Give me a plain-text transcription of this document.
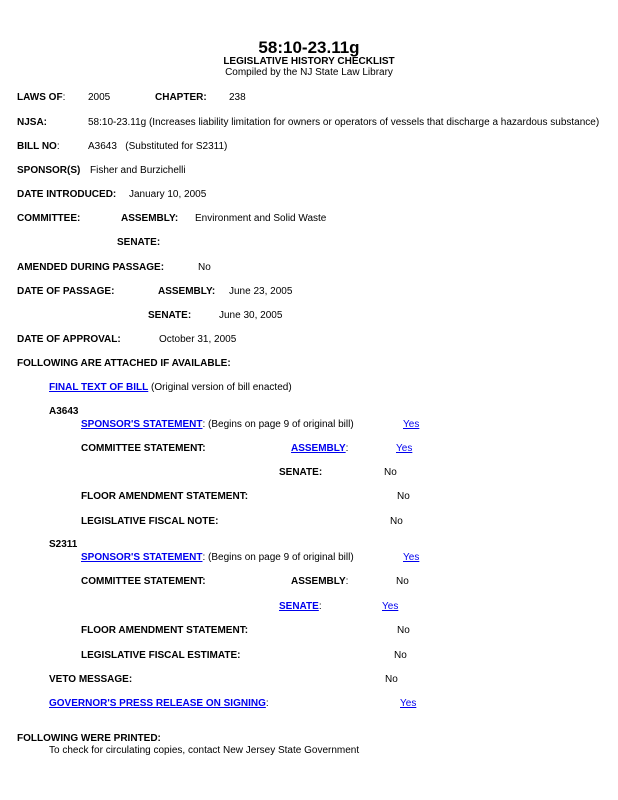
58:10-23.11g
LEGISLATIVE HISTORY CHECKLIST
Compiled by the NJ State Law Library
LAWS OF: 2005	CHAPTER: 238
NJSA:	58:10-23.11g (Increases liability limitation for owners or operators of vessels that discharge a hazardous substance)
BILL NO:	A3643   (Substituted for S2311)
SPONSOR(S) Fisher and Burzichelli
DATE INTRODUCED: January 10, 2005
COMMITTEE:	ASSEMBLY: Environment and Solid Waste
SENATE:
AMENDED DURING PASSAGE:	No
DATE OF PASSAGE:	ASSEMBLY: June 23, 2005
SENATE:	June 30, 2005
DATE OF APPROVAL:	October 31, 2005
FOLLOWING ARE ATTACHED IF AVAILABLE:
FINAL TEXT OF BILL (Original version of bill enacted)
A3643
SPONSOR'S STATEMENT: (Begins on page 9 of original bill)	Yes
COMMITTEE STATEMENT:	ASSEMBLY:	Yes
SENATE:	No
FLOOR AMENDMENT STATEMENT:	No
LEGISLATIVE FISCAL NOTE:	No
S2311
SPONSOR'S STATEMENT: (Begins on page 9 of original bill)	Yes
COMMITTEE STATEMENT:	ASSEMBLY:	No
SENATE:	Yes
FLOOR AMENDMENT STATEMENT:	No
LEGISLATIVE FISCAL ESTIMATE:	No
VETO MESSAGE:	No
GOVERNOR'S PRESS RELEASE ON SIGNING:	Yes
FOLLOWING WERE PRINTED:
To check for circulating copies, contact New Jersey State Government
